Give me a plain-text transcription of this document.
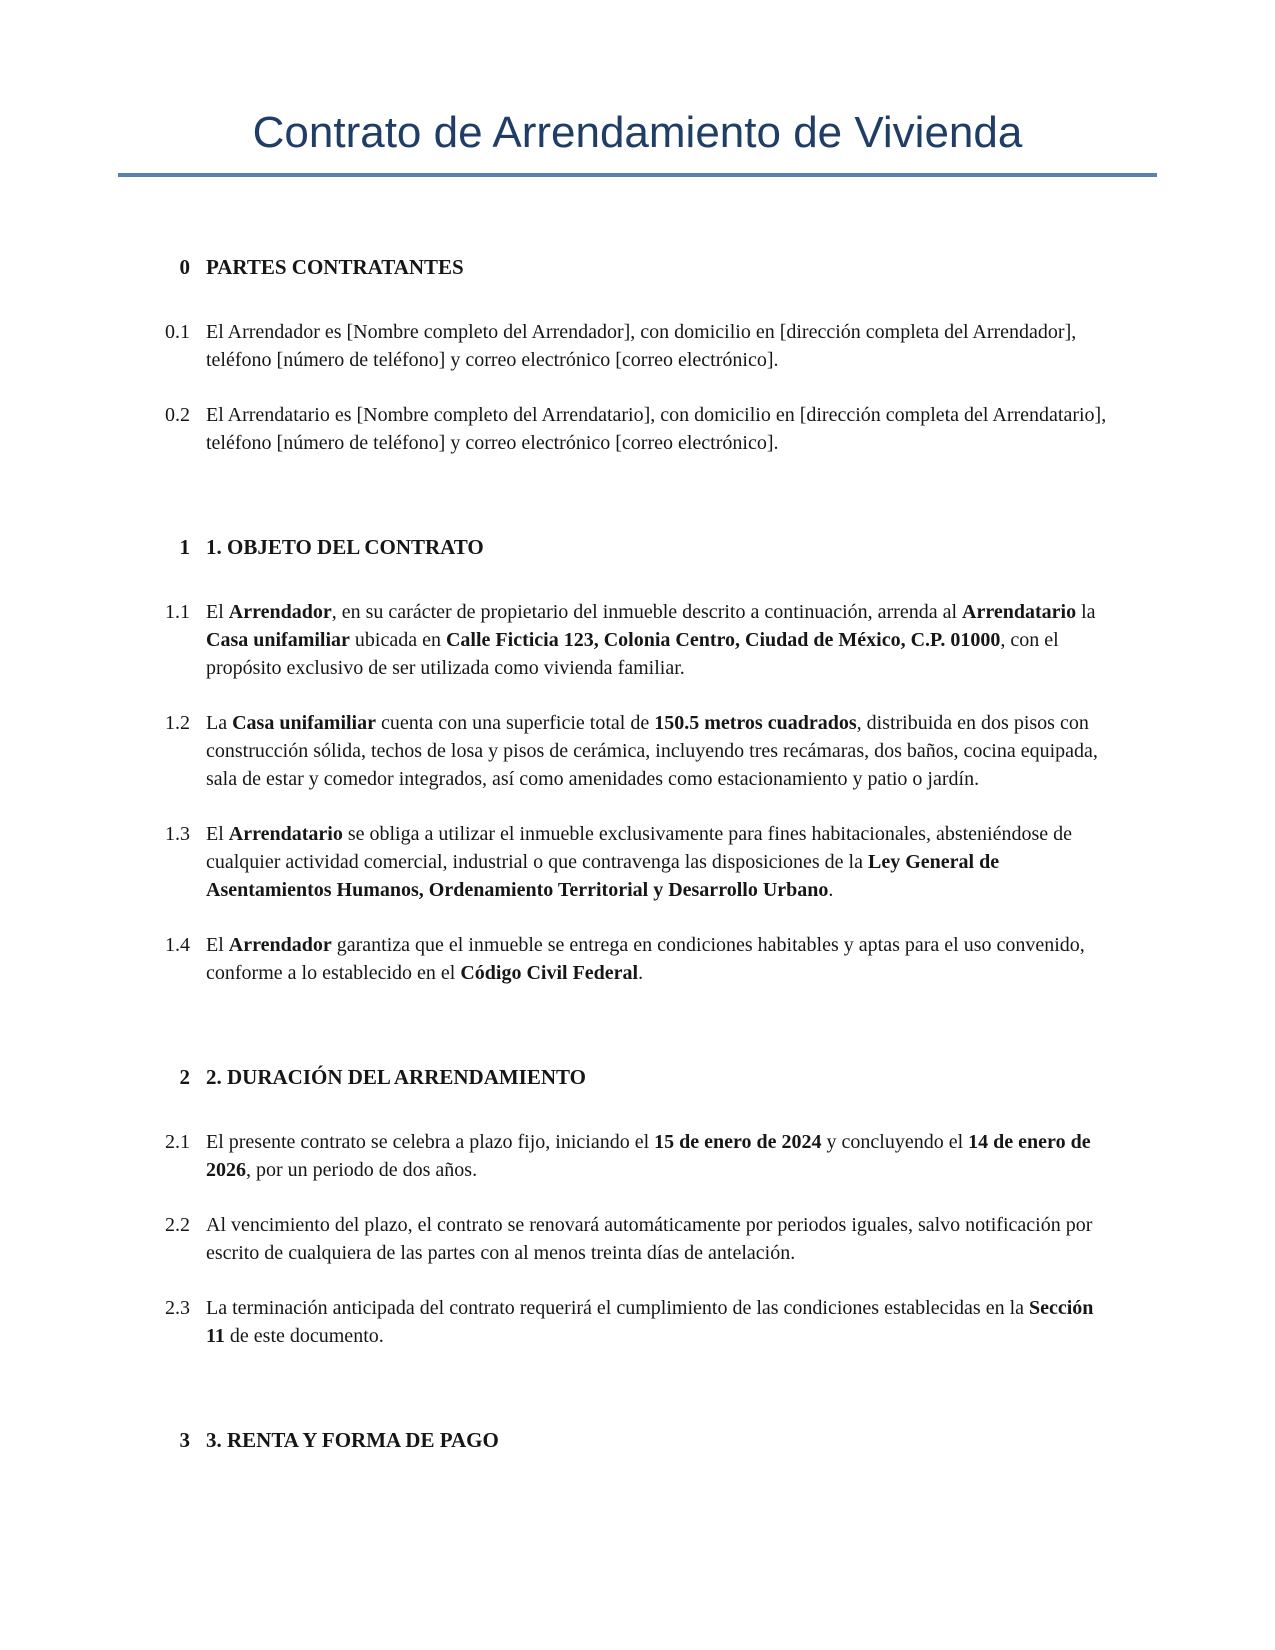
Contrato de Arrendamiento de Vivienda
0 PARTES CONTRATANTES
0.1 El Arrendador es [Nombre completo del Arrendador], con domicilio en [dirección completa del Arrendador], teléfono [número de teléfono] y correo electrónico [correo electrónico].

0.2 El Arrendatario es [Nombre completo del Arrendatario], con domicilio en [dirección completa del Arrendatario], teléfono [número de teléfono] y correo electrónico [correo electrónico].

1 1. OBJETO DEL CONTRATO
1.1 El Arrendador, en su carácter de propietario del inmueble descrito a continuación, arrenda al Arrendatario la Casa unifamiliar ubicada en Calle Ficticia 123, Colonia Centro, Ciudad de México, C.P. 01000, con el propósito exclusivo de ser utilizada como vivienda familiar.

1.2 La Casa unifamiliar cuenta con una superficie total de 150.5 metros cuadrados, distribuida en dos pisos con construcción sólida, techos de losa y pisos de cerámica, incluyendo tres recámaras, dos baños, cocina equipada, sala de estar y comedor integrados, así como amenidades como estacionamiento y patio o jardín.

1.3 El Arrendatario se obliga a utilizar el inmueble exclusivamente para fines habitacionales, absteniéndose de cualquier actividad comercial, industrial o que contravenga las disposiciones de la Ley General de Asentamientos Humanos, Ordenamiento Territorial y Desarrollo Urbano.

1.4 El Arrendador garantiza que el inmueble se entrega en condiciones habitables y aptas para el uso convenido, conforme a lo establecido en el Código Civil Federal.

2 2. DURACIÓN DEL ARRENDAMIENTO
2.1 El presente contrato se celebra a plazo fijo, iniciando el 15 de enero de 2024 y concluyendo el 14 de enero de 2026, por un periodo de dos años.

2.2 Al vencimiento del plazo, el contrato se renovará automáticamente por periodos iguales, salvo notificación por escrito de cualquiera de las partes con al menos treinta días de antelación.

2.3 La terminación anticipada del contrato requerirá el cumplimiento de las condiciones establecidas en la Sección 11 de este documento.

3 3. RENTA Y FORMA DE PAGO
